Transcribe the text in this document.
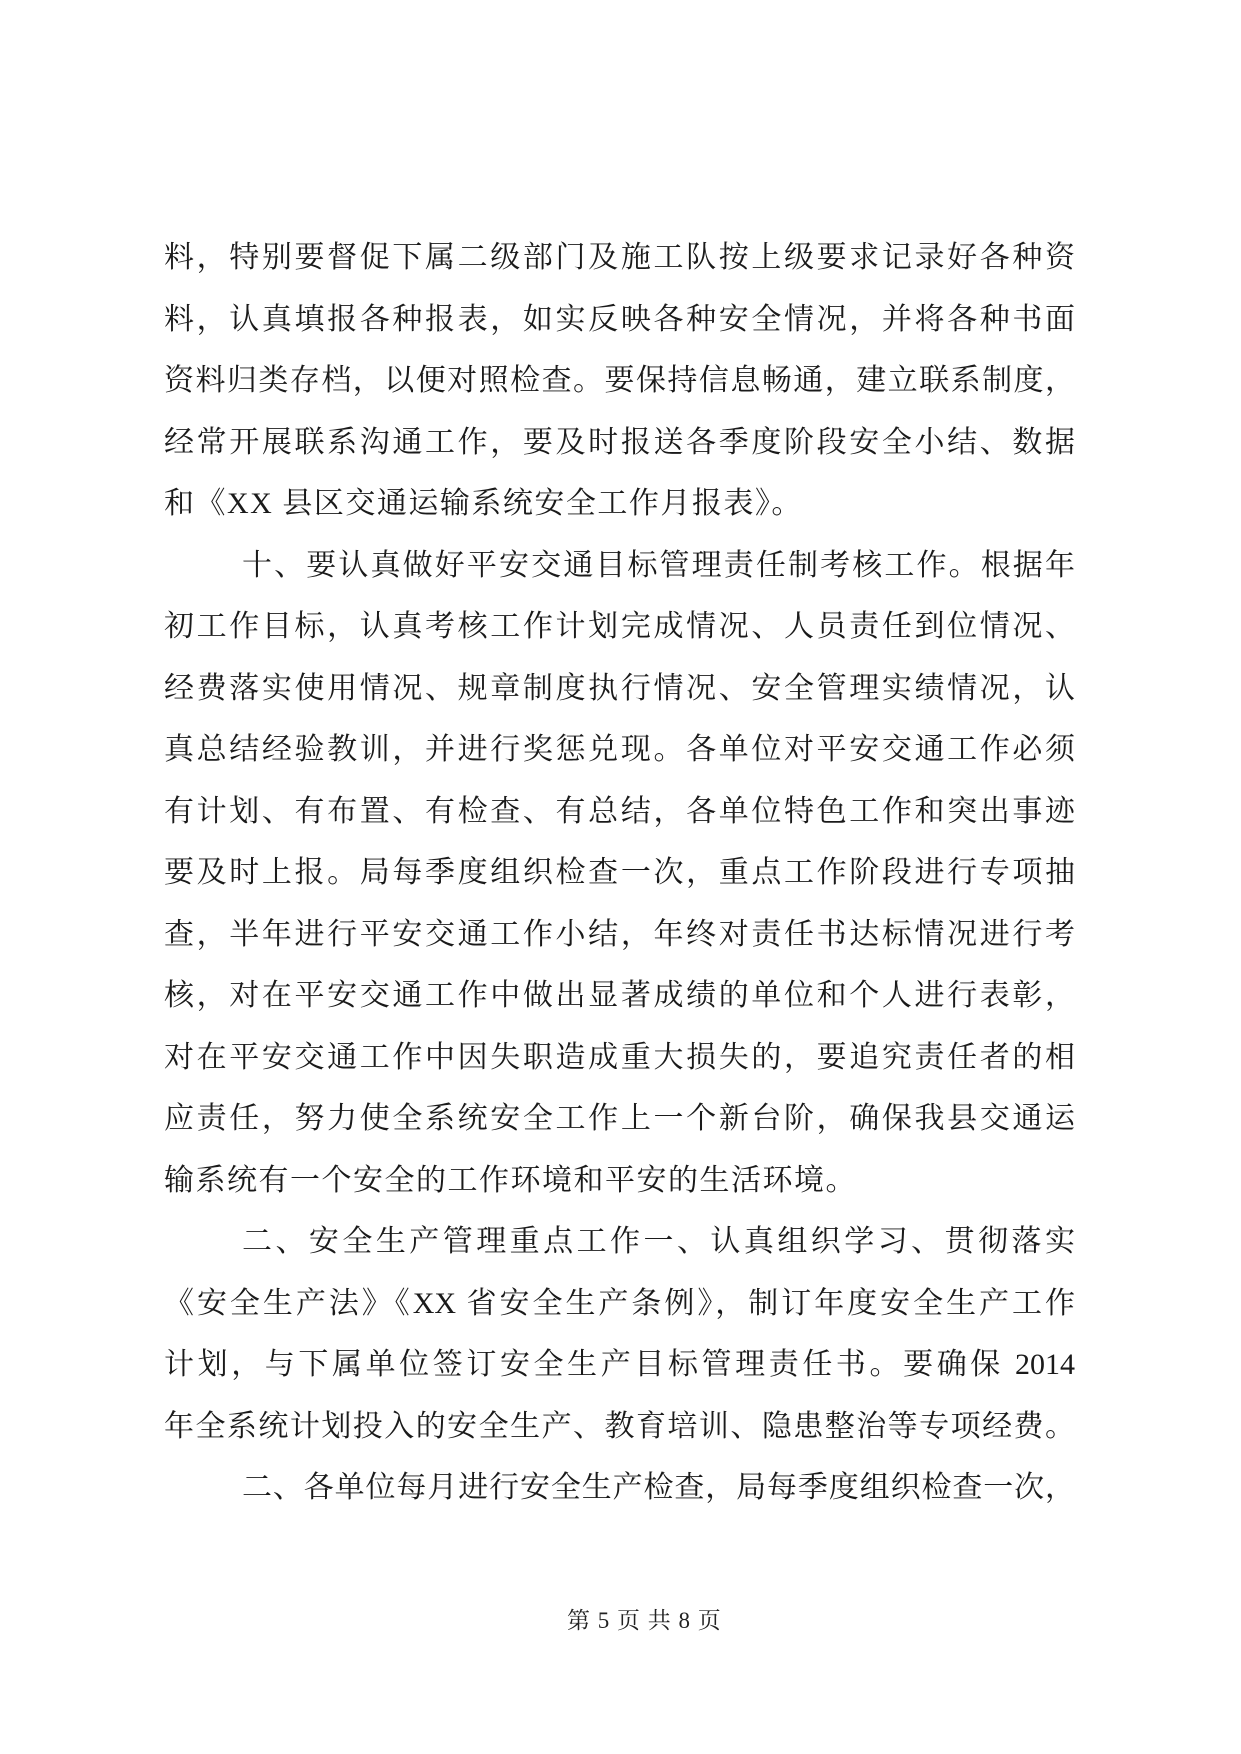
料，特别要督促下属二级部门及施工队按上级要求记录好各种资
料，认真填报各种报表，如实反映各种安全情况，并将各种书面
资料归类存档，以便对照检查。要保持信息畅通，建立联系制度，
经常开展联系沟通工作，要及时报送各季度阶段安全小结、数据
和《XX 县区交通运输系统安全工作月报表》。
十、要认真做好平安交通目标管理责任制考核工作。根据年
初工作目标，认真考核工作计划完成情况、人员责任到位情况、
经费落实使用情况、规章制度执行情况、安全管理实绩情况，认
真总结经验教训，并进行奖惩兑现。各单位对平安交通工作必须
有计划、有布置、有检查、有总结，各单位特色工作和突出事迹
要及时上报。局每季度组织检查一次，重点工作阶段进行专项抽
查，半年进行平安交通工作小结，年终对责任书达标情况进行考
核，对在平安交通工作中做出显著成绩的单位和个人进行表彰，
对在平安交通工作中因失职造成重大损失的，要追究责任者的相
应责任，努力使全系统安全工作上一个新台阶，确保我县交通运
输系统有一个安全的工作环境和平安的生活环境。
二、安全生产管理重点工作一、认真组织学习、贯彻落实
《安全生产法》《XX 省安全生产条例》，制订年度安全生产工作
计划，与下属单位签订安全生产目标管理责任书。要确保 2014
年全系统计划投入的安全生产、教育培训、隐患整治等专项经费。
二、各单位每月进行安全生产检查，局每季度组织检查一次，
第 5 页 共 8 页
